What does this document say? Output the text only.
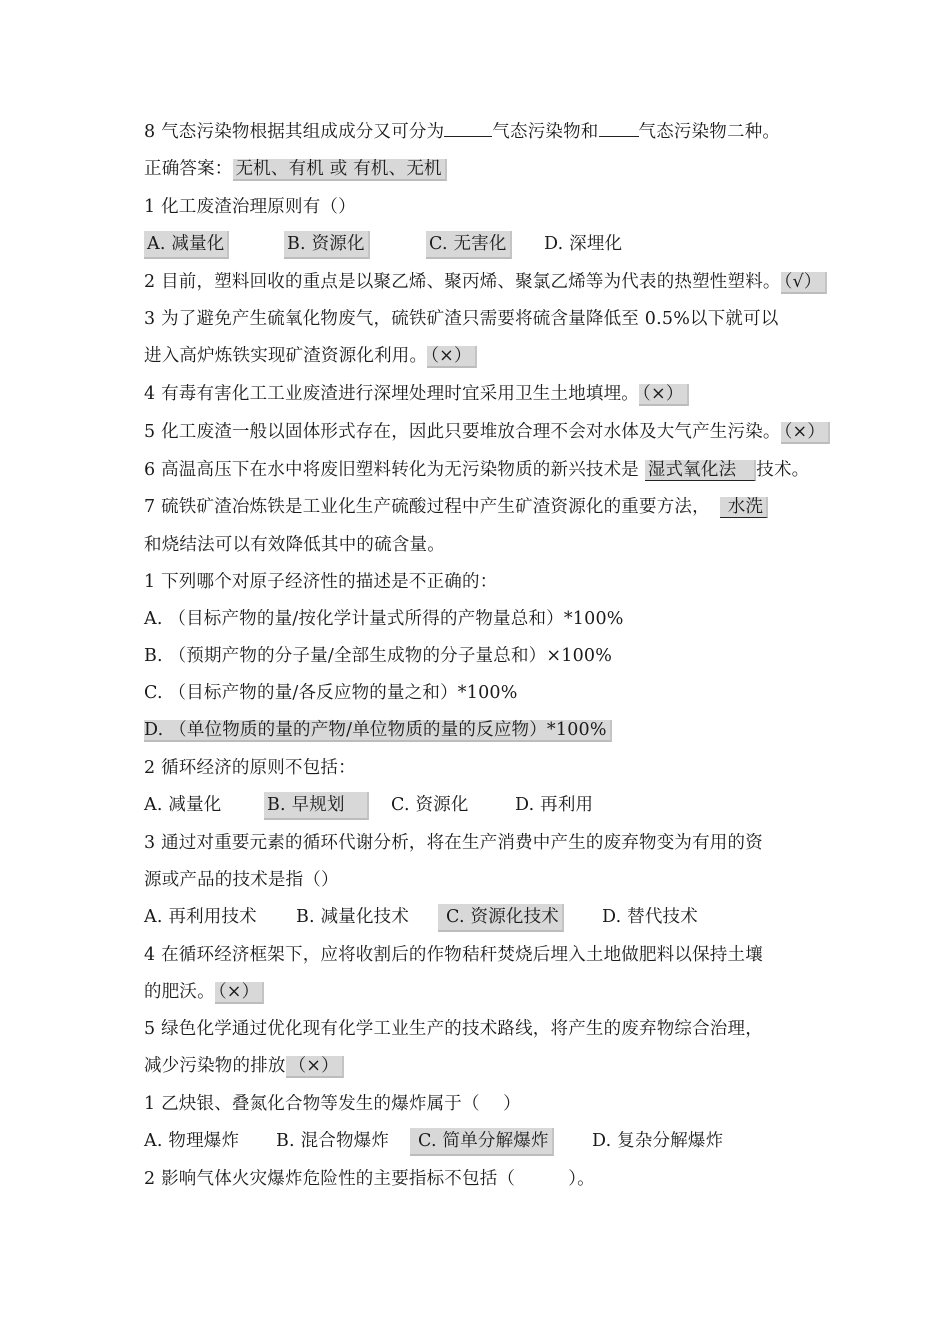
8 气态污染物根据其组成成分又可分为	气态污染物和 气态污染物二种。
正确答案： 无机、有机 或 有机、无机
1 化工废渣治理原则有（）
A. 减量化	B. 资源化	C. 无害化 D. 深埋化
2 目前，塑料回收的重点是以聚乙烯、聚丙烯、聚氯乙烯等为代表的热塑性塑料。 （√）
3 为了避免产生硫氧化物废气，硫铁矿渣只需要将硫含量降低至 0.5%以下就可以
进入高炉炼铁实现矿渣资源化利用。 （×）
4 有毒有害化工工业废渣进行深埋处理时宜采用卫生土地填埋。 （×）
5 化工废渣一般以固体形式存在，因此只要堆放合理不会对水体及大气产生污染。 （×）
6 高温高压下在水中将废旧塑料转化为无污染物质的新兴技术是 湿式氧化法 技术。
7 硫铁矿渣冶炼铁是工业化生产硫酸过程中产生矿渣资源化的重要方法， 水洗
和烧结法可以有效降低其中的硫含量。
1 下列哪个对原子经济性的描述是不正确的：
A. （目标产物的量/按化学计量式所得的产物量总和）*100%
B. （预期产物的分子量/全部生成物的分子量总和）×100%
C. （目标产物的量/各反应物的量之和）*100%
D. （单位物质的量的产物/单位物质的量的反应物）*100%
2 循环经济的原则不包括：
A. 减量化	B. 早规划	C. 资源化	D. 再利用
3 通过对重要元素的循环代谢分析，将在生产消费中产生的废弃物变为有用的资
源或产品的技术是指（）
A. 再利用技术 B. 减量化技术	C. 资源化技术 D. 替代技术
4 在循环经济框架下，应将收割后的作物秸秆焚烧后埋入土地做肥料以保持土壤
的肥沃。 （×）
5 绿色化学通过优化现有化学工业生产的技术路线，将产生的废弃物综合治理，
减少污染物的排放 （×）
1 乙炔银、叠氮化合物等发生的爆炸属于（　 ）
A. 物理爆炸 B. 混合物爆炸	C. 简单分解爆炸 D. 复杂分解爆炸
2 影响气体火灾爆炸危险性的主要指标不包括（　　　）。
